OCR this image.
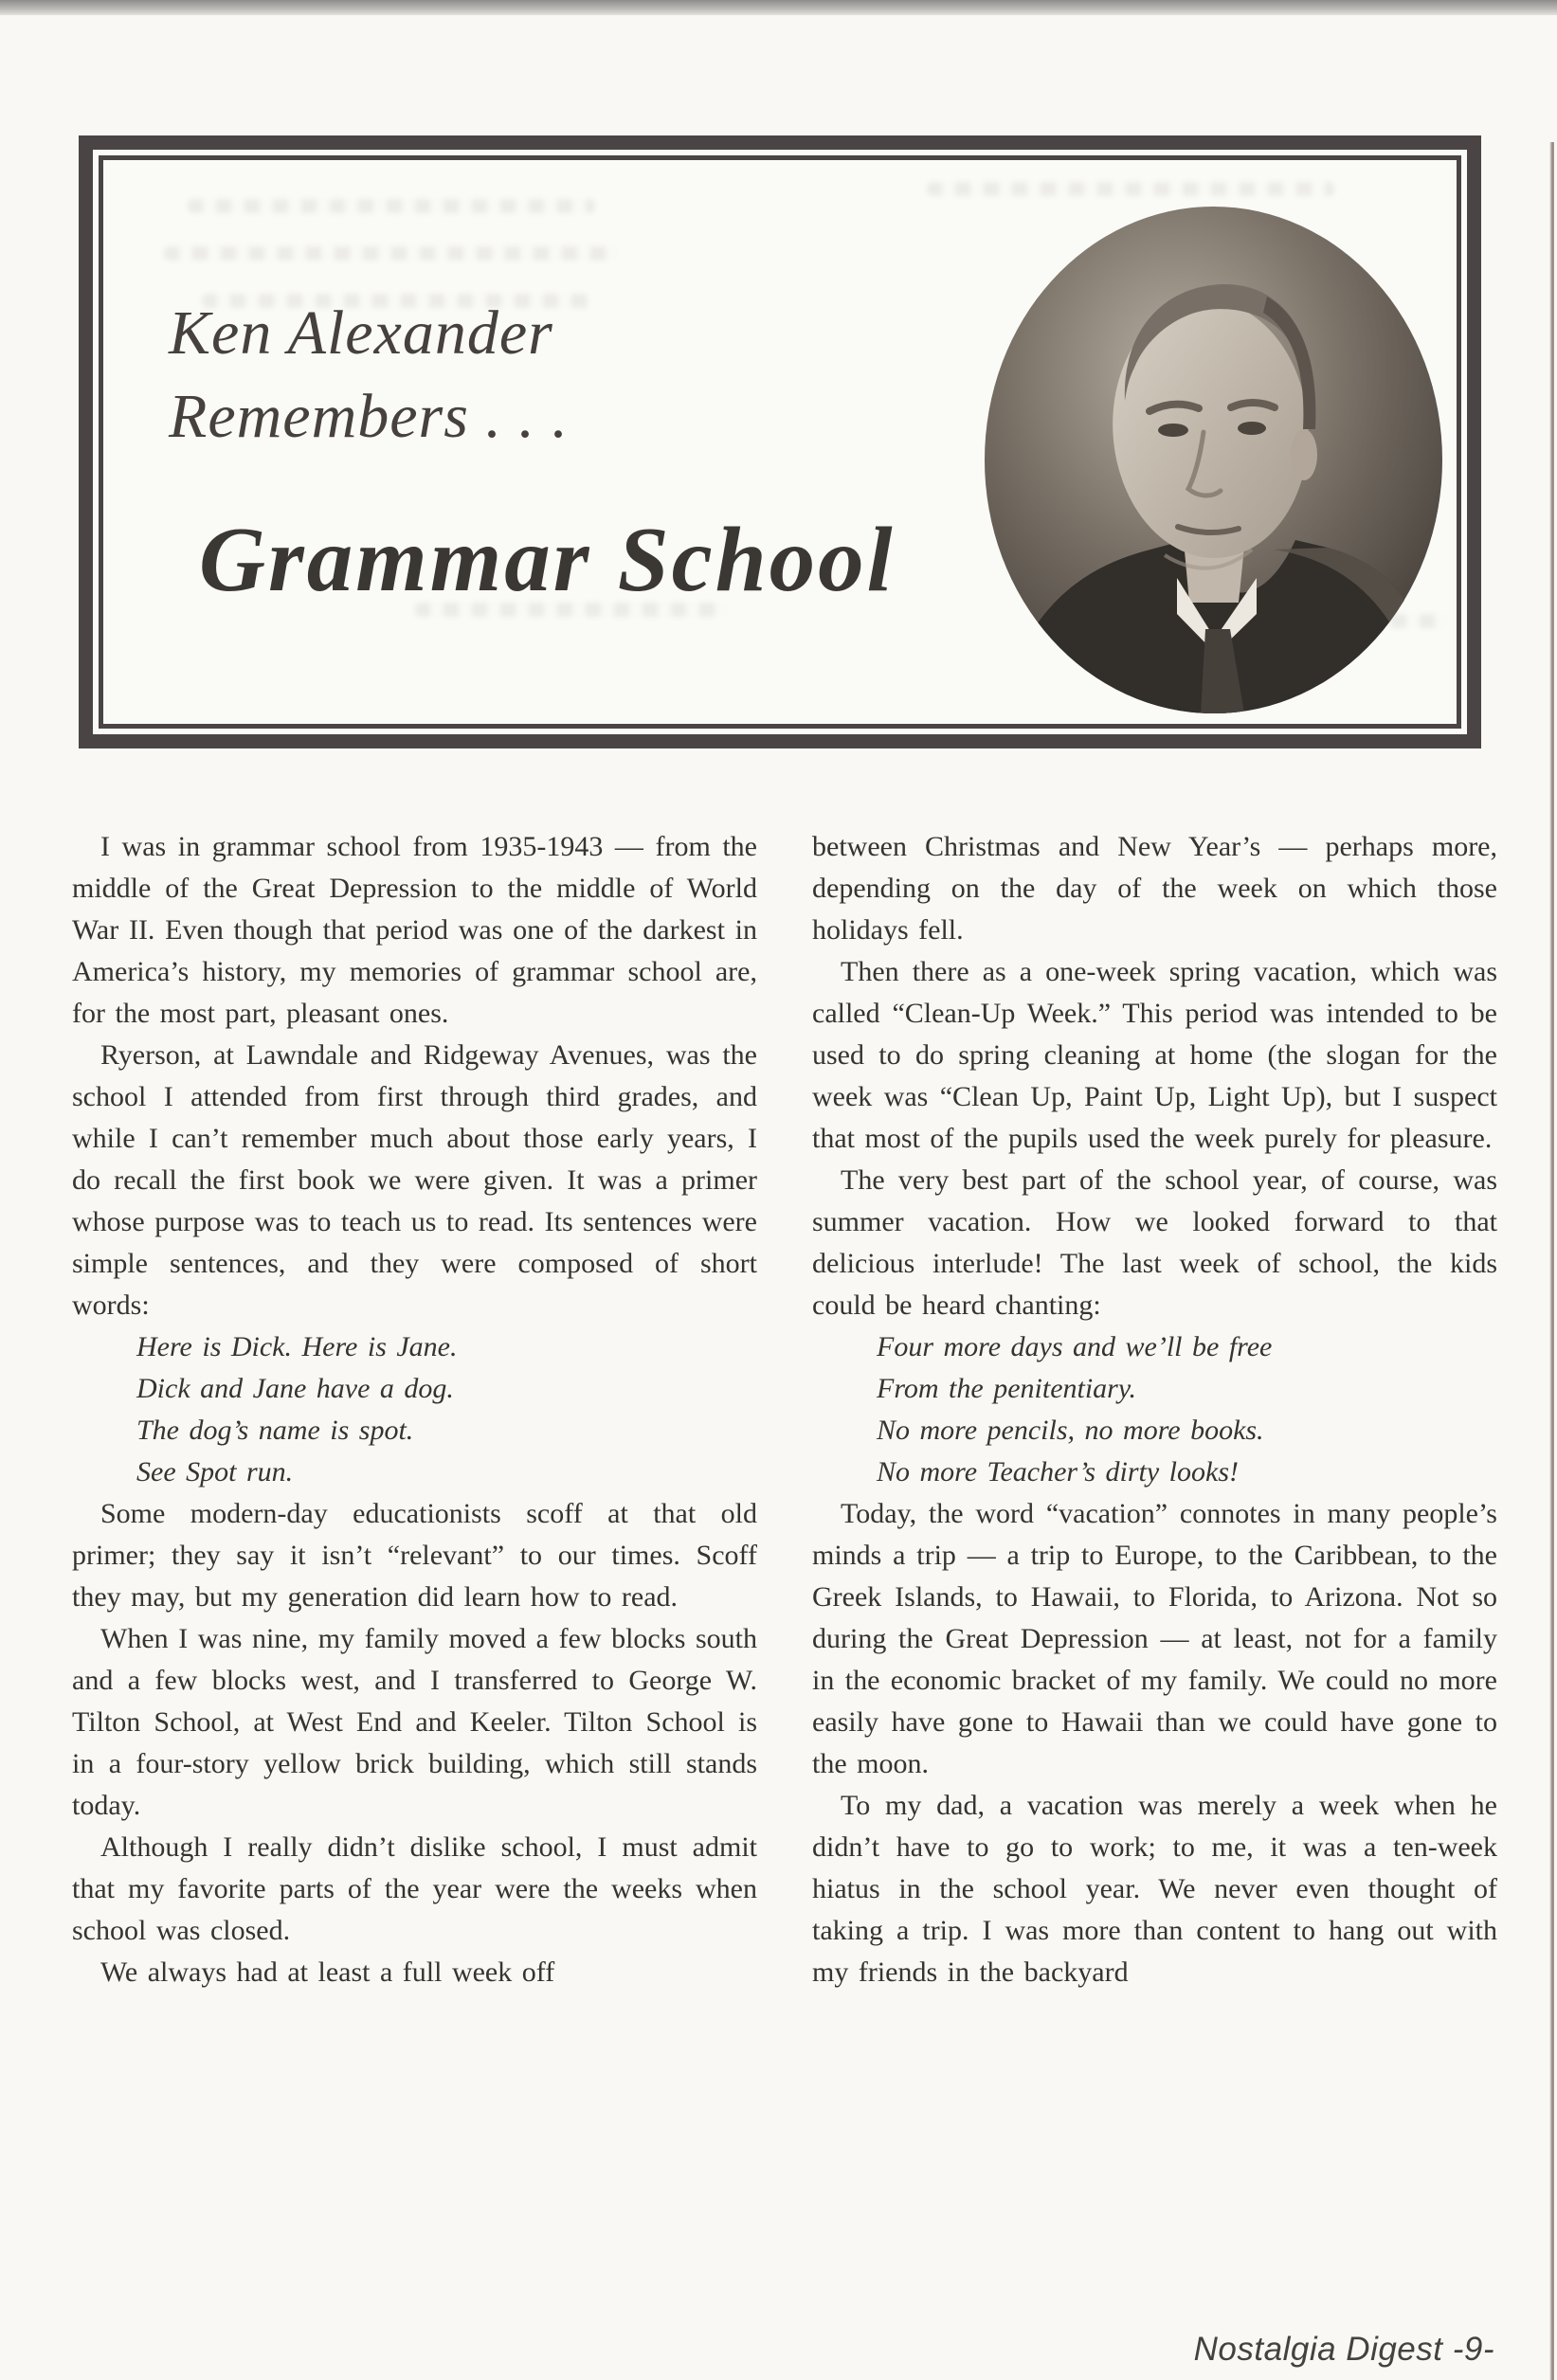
Ken Alexander
Remembers . . .
Grammar School

I was in grammar school from 1935-1943 — from the middle of the Great Depression to the middle of World War II. Even though that period was one of the darkest in America’s history, my memories of grammar school are, for the most part, pleasant ones.

Ryerson, at Lawndale and Ridgeway Avenues, was the school I attended from first through third grades, and while I can’t remember much about those early years, I do recall the first book we were given. It was a primer whose purpose was to teach us to read. Its sentences were simple sentences, and they were composed of short words:

Here is Dick. Here is Jane.
Dick and Jane have a dog.
The dog’s name is spot.
See Spot run.

Some modern-day educationists scoff at that old primer; they say it isn’t “relevant” to our times. Scoff they may, but my generation did learn how to read.

When I was nine, my family moved a few blocks south and a few blocks west, and I transferred to George W. Tilton School, at West End and Keeler. Tilton School is in a four-story yellow brick building, which still stands today.

Although I really didn’t dislike school, I must admit that my favorite parts of the year were the weeks when school was closed.

We always had at least a full week off

between Christmas and New Year’s — perhaps more, depending on the day of the week on which those holidays fell.

Then there as a one-week spring vacation, which was called “Clean-Up Week.” This period was intended to be used to do spring cleaning at home (the slogan for the week was “Clean Up, Paint Up, Light Up), but I suspect that most of the pupils used the week purely for pleasure.

The very best part of the school year, of course, was summer vacation. How we looked forward to that delicious interlude! The last week of school, the kids could be heard chanting:

Four more days and we’ll be free
From the penitentiary.
No more pencils, no more books.
No more Teacher’s dirty looks!

Today, the word “vacation” connotes in many people’s minds a trip — a trip to Europe, to the Caribbean, to the Greek Islands, to Hawaii, to Florida, to Arizona. Not so during the Great Depression — at least, not for a family in the economic bracket of my family. We could no more easily have gone to Hawaii than we could have gone to the moon.

To my dad, a vacation was merely a week when he didn’t have to go to work; to me, it was a ten-week hiatus in the school year. We never even thought of taking a trip. I was more than content to hang out with my friends in the backyard

Nostalgia Digest -9-
